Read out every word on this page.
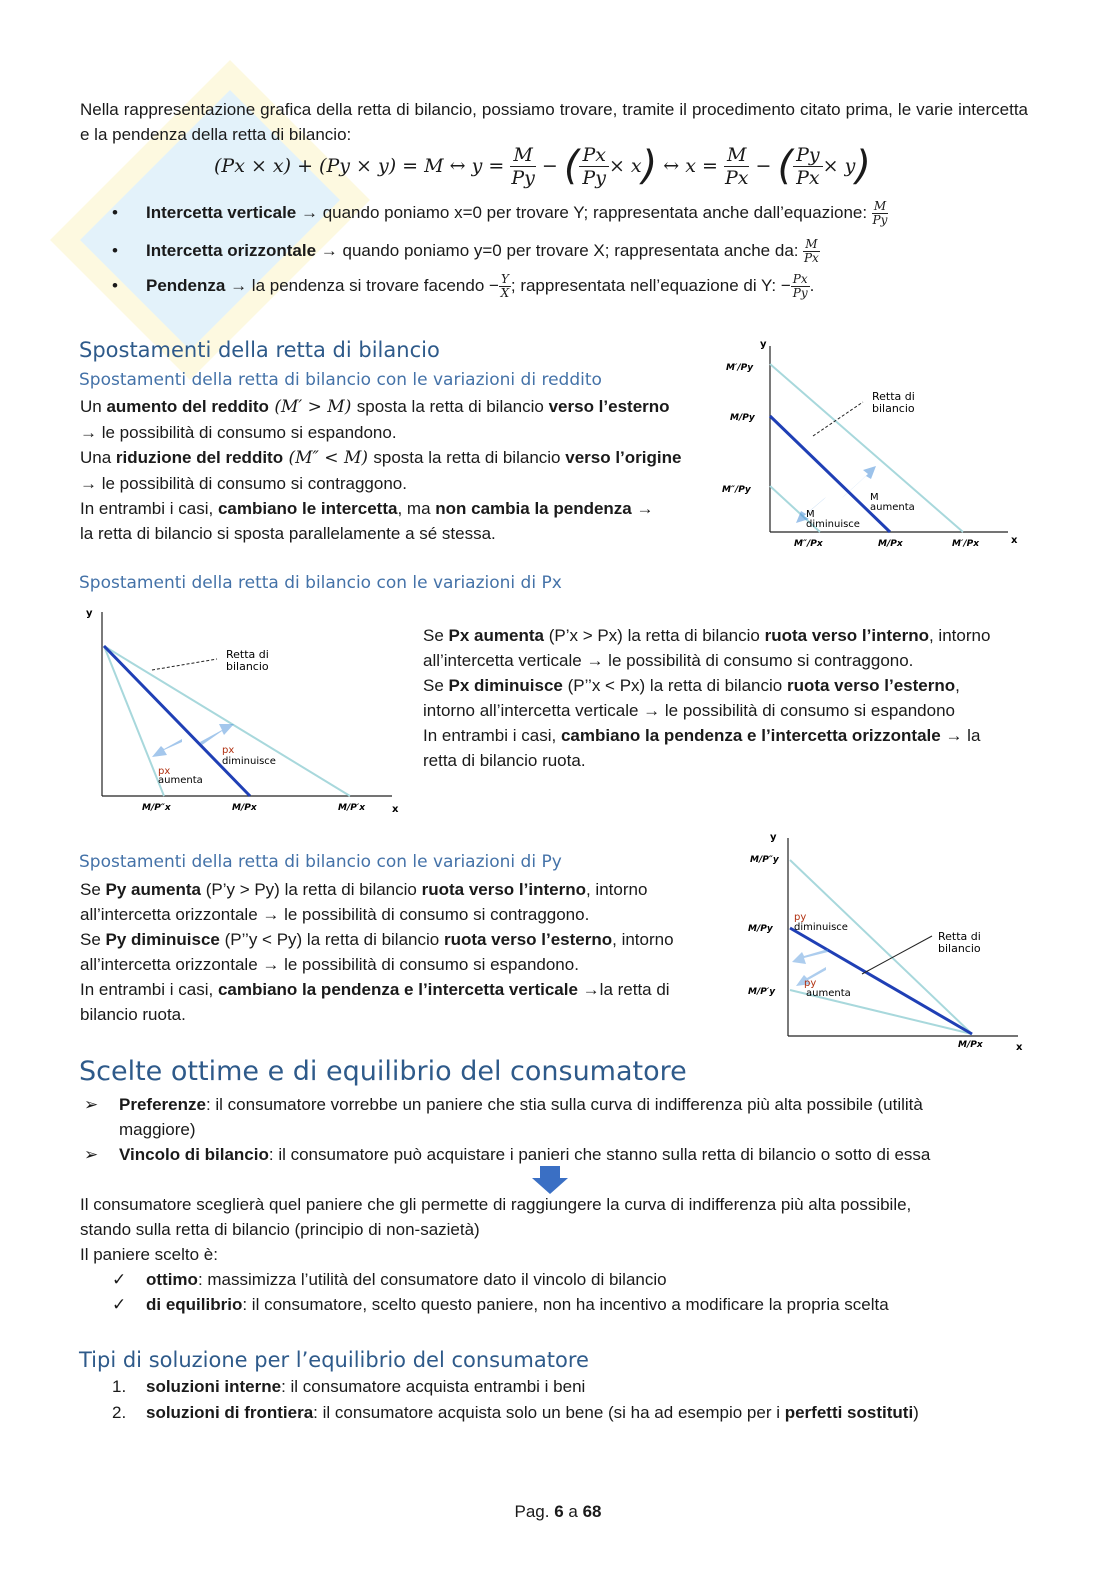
Nella rappresentazione grafica della retta di bilancio, possiamo trovare, tramite il procedimento citato prima, le varie intercetta e la pendenza della retta di bilancio:
(Px × x) + (Py × y) = M ↔ $y = \frac{M}{Py}$ − ( $\frac{Px}{Py} \times x$) ↔ $x = \frac{M}{Px}$ − ( $\frac{Py}{Px} \times y$)
• Intercetta verticale → quando poniamo x=0 per trovare Y; rappresentata anche dall’equazione: $\frac{M}{Py}$
• Intercetta orizzontale → quando poniamo y=0 per trovare X; rappresentata anche da: $\frac{M}{Px}$
• Pendenza → la pendenza si trovare facendo − $\frac{Y}{X}$ ; rappresentata nell’equazione di Y: − $\frac{Px}{Py}$ .
Spostamenti della retta di bilancio
Spostamenti della retta di bilancio con le variazioni di reddito
Un aumento del reddito (M′ > M) sposta la retta di bilancio verso l’esterno
→ le possibilità di consumo si espandono.
Una riduzione del reddito (M″ < M) sposta la retta di bilancio verso l’origine
→ le possibilità di consumo si contraggono.
In entrambi i casi, cambiano le intercetta, ma non cambia la pendenza →
la retta di bilancio si sposta parallelamente a sé stessa.
y
x
Retta di
bilancio
M
aumenta
M
diminuisce
M′/Py
M/Py
M″/Py
M″/Px	M/Px	M′/Px
Spostamenti della retta di bilancio con le variazioni di Px
y
x
Retta di
bilancio
px
diminuisce
px
aumenta
M/P″x	M/Px	M/P′x
Se Px aumenta (P’x > Px) la retta di bilancio ruota verso l’interno, intorno
all’intercetta verticale → le possibilità di consumo si contraggono.
Se Px diminuisce (P’’x < Px) la retta di bilancio ruota verso l’esterno,
intorno all’intercetta verticale → le possibilità di consumo si espandono
In entrambi i casi, cambiano la pendenza e l’intercetta orizzontale → la
retta di bilancio ruota.
Spostamenti della retta di bilancio con le variazioni di Py
Se Py aumenta (P’y > Py) la retta di bilancio ruota verso l’interno, intorno
all’intercetta orizzontale → le possibilità di consumo si contraggono.
Se Py diminuisce (P’’y < Py) la retta di bilancio ruota verso l’esterno, intorno
all’intercetta orizzontale → le possibilità di consumo si espandono.
In entrambi i casi, cambiano la pendenza e l’intercetta verticale →la retta di
bilancio ruota.
y
x
Retta di
bilancio
py
diminuisce
py
aumenta
M/P″y
M/Py
M/P′y
M/Px
Scelte ottime e di equilibrio del consumatore
➢ Preferenze: il consumatore vorrebbe un paniere che stia sulla curva di indifferenza più alta possibile (utilità
maggiore)
➢ Vincolo di bilancio: il consumatore può acquistare i panieri che stanno sulla retta di bilancio o sotto di essa
Il consumatore sceglierà quel paniere che gli permette di raggiungere la curva di indifferenza più alta possibile,
stando sulla retta di bilancio (principio di non-sazietà)
Il paniere scelto è:
✓ ottimo: massimizza l’utilità del consumatore dato il vincolo di bilancio
✓ di equilibrio: il consumatore, scelto questo paniere, non ha incentivo a modificare la propria scelta
Tipi di soluzione per l’equilibrio del consumatore
1. soluzioni interne: il consumatore acquista entrambi i beni
2. soluzioni di frontiera: il consumatore acquista solo un bene (si ha ad esempio per i perfetti sostituti)
Pag. 6 a 68
